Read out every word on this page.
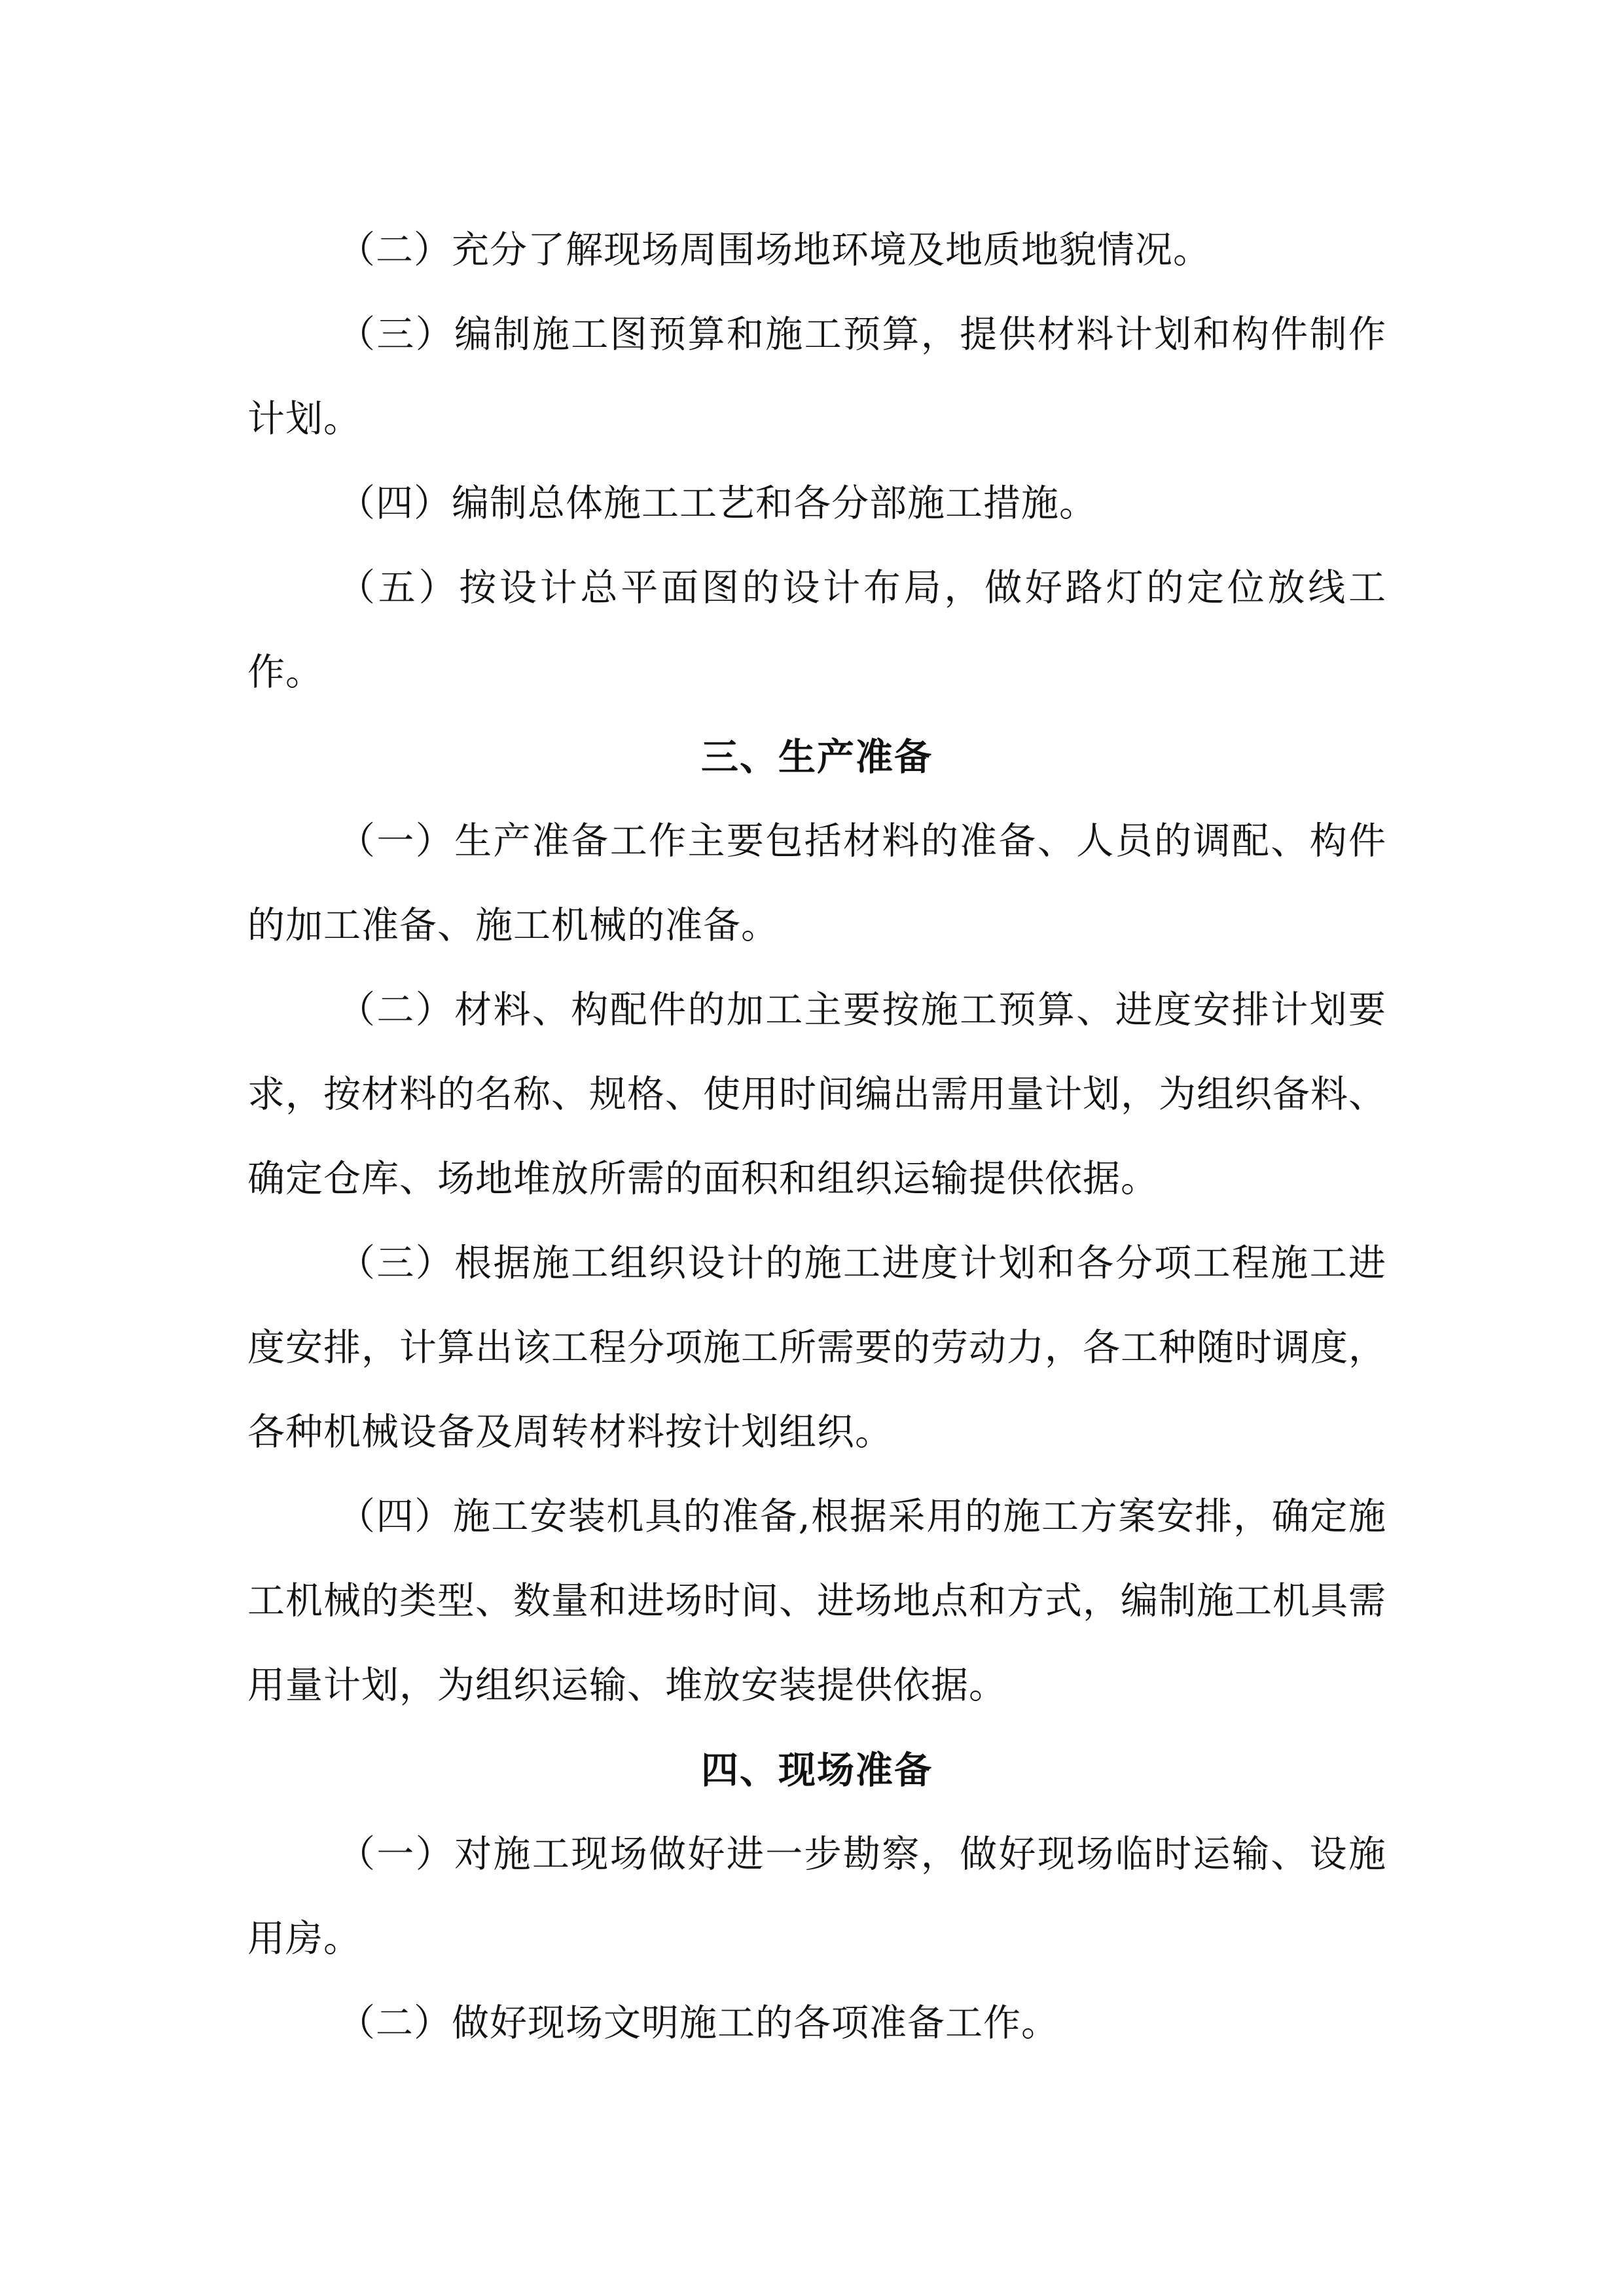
（二）充分了解现场周围场地环境及地质地貌情况。

（三）编制施工图预算和施工预算，提供材料计划和构件制作计划。

（四）编制总体施工工艺和各分部施工措施。

（五）按设计总平面图的设计布局，做好路灯的定位放线工作。

三、生产准备

（一）生产准备工作主要包括材料的准备、人员的调配、构件的加工准备、施工机械的准备。

（二）材料、构配件的加工主要按施工预算、进度安排计划要求，按材料的名称、规格、使用时间编出需用量计划，为组织备料、确定仓库、场地堆放所需的面积和组织运输提供依据。

（三）根据施工组织设计的施工进度计划和各分项工程施工进度安排，计算出该工程分项施工所需要的劳动力，各工种随时调度，各种机械设备及周转材料按计划组织。

（四）施工安装机具的准备,根据采用的施工方案安排，确定施工机械的类型、数量和进场时间、进场地点和方式，编制施工机具需用量计划，为组织运输、堆放安装提供依据。

四、现场准备

（一）对施工现场做好进一步勘察，做好现场临时运输、设施用房。

（二）做好现场文明施工的各项准备工作。
